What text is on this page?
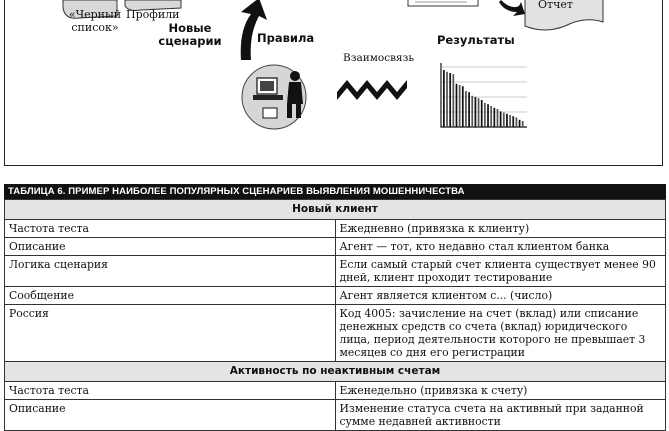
«Черный список»
Профили
Новые сценарии	Правила
Взаимосвязь
Результаты
Отчет
ТАБЛИЦА 6. ПРИМЕР НАИБОЛЕЕ ПОПУЛЯРНЫХ СЦЕНАРИЕВ ВЫЯВЛЕНИЯ МОШЕННИЧЕСТВА
Новый клиент	
Частота теста	Ежедневно (привязка к клиенту)
Описание	Агент — тот, кто недавно стал клиентом банка
Логика сценария	Если самый старый счет клиента существует менее 90 дней, клиент проходит тестирование
Сообщение	Агент является клиентом с... (число)
Россия	Код 4005: зачисление на счет (вклад) или списание денежных средств со счета (вклад) юридического лица, период деятельности которого не превышает 3 месяцев со дня его регистрации
Активность по неактивным счетам	
Частота теста	Еженедельно (привязка к счету)
Описание	Изменение статуса счета на активный при заданной сумме недавней активности
